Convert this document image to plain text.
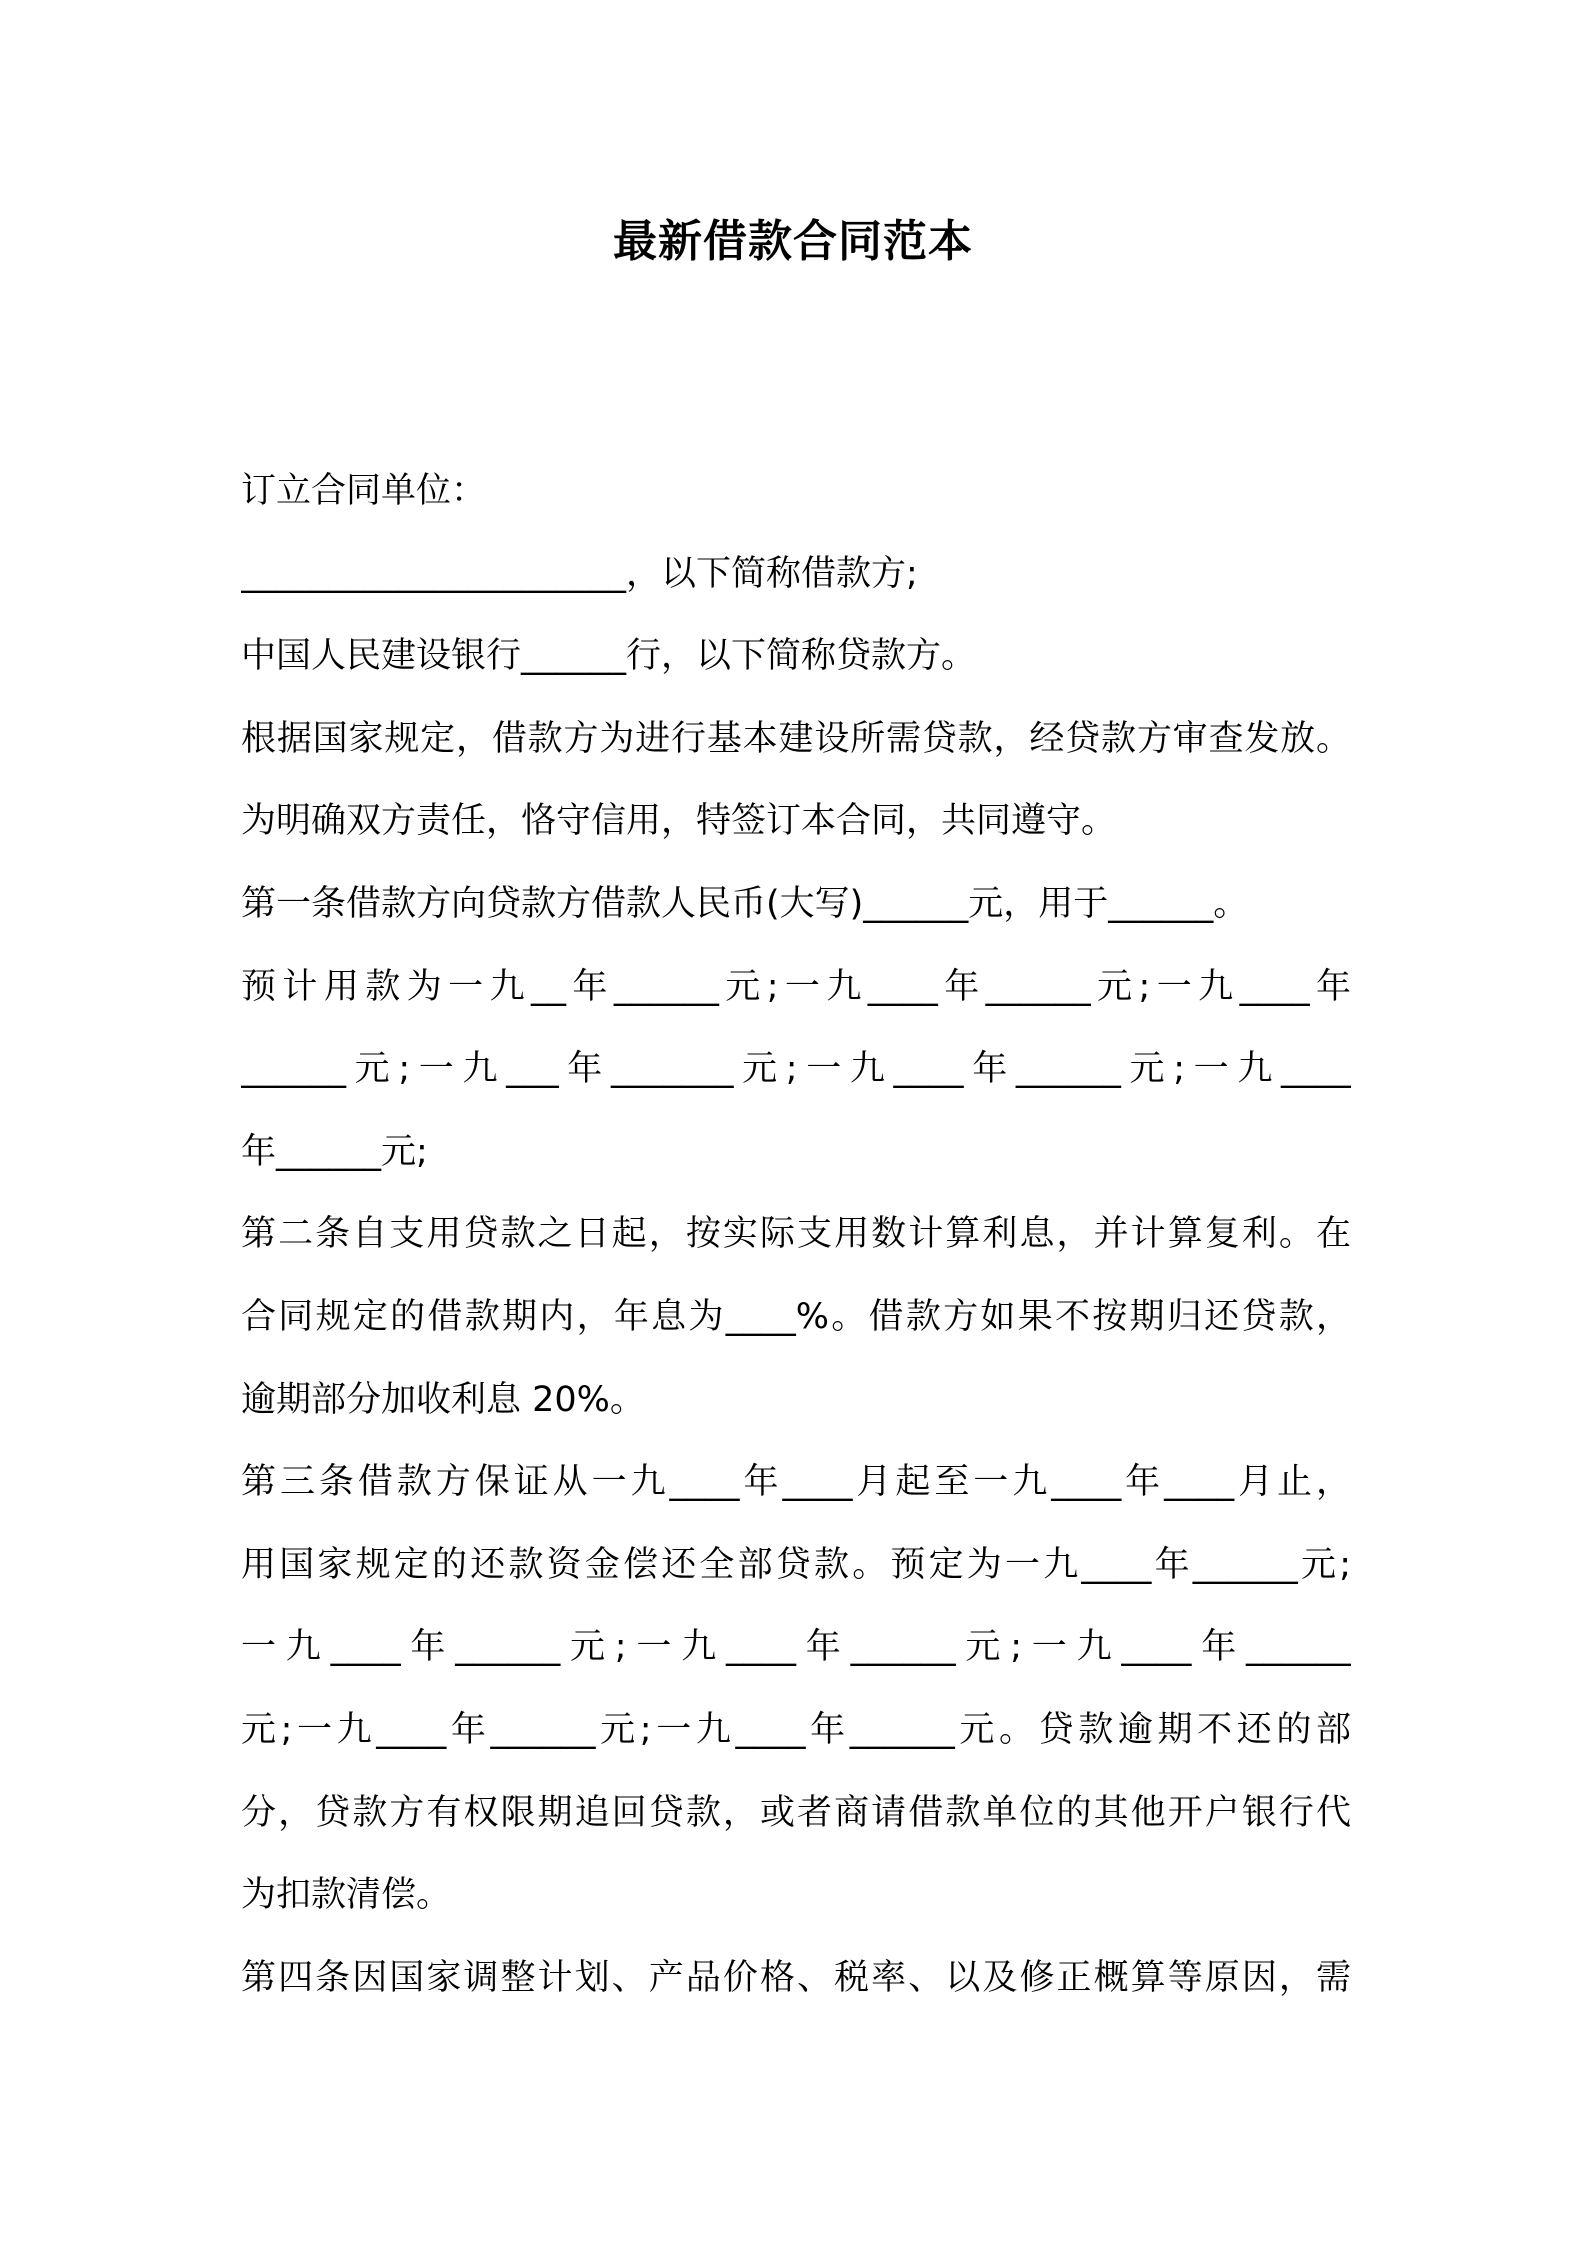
最新借款合同范本
订立合同单位：
______________________，以下简称借款方;
中国人民建设银行______行，以下简称贷款方。
根据国家规定，借款方为进行基本建设所需贷款，经贷款方审查发放。
为明确双方责任，恪守信用，特签订本合同，共同遵守。
第一条借款方向贷款方借款人民币(大写)______元，用于______。
预计用款为一九__年______元;一九____年______元;一九____年
______元;一九___年_______元;一九____年______元;一九____
年______元;
第二条自支用贷款之日起，按实际支用数计算利息，并计算复利。在
合同规定的借款期内，年息为____%。借款方如果不按期归还贷款，
逾期部分加收利息 20%。
第三条借款方保证从一九____年____月起至一九____年____月止，
用国家规定的还款资金偿还全部贷款。预定为一九____年______元;
一九____年______元;一九____年______元;一九____年______
元;一九____年______元;一九____年______元。贷款逾期不还的部
分，贷款方有权限期追回贷款，或者商请借款单位的其他开户银行代
为扣款清偿。
第四条因国家调整计划、产品价格、税率、以及修正概算等原因，需
